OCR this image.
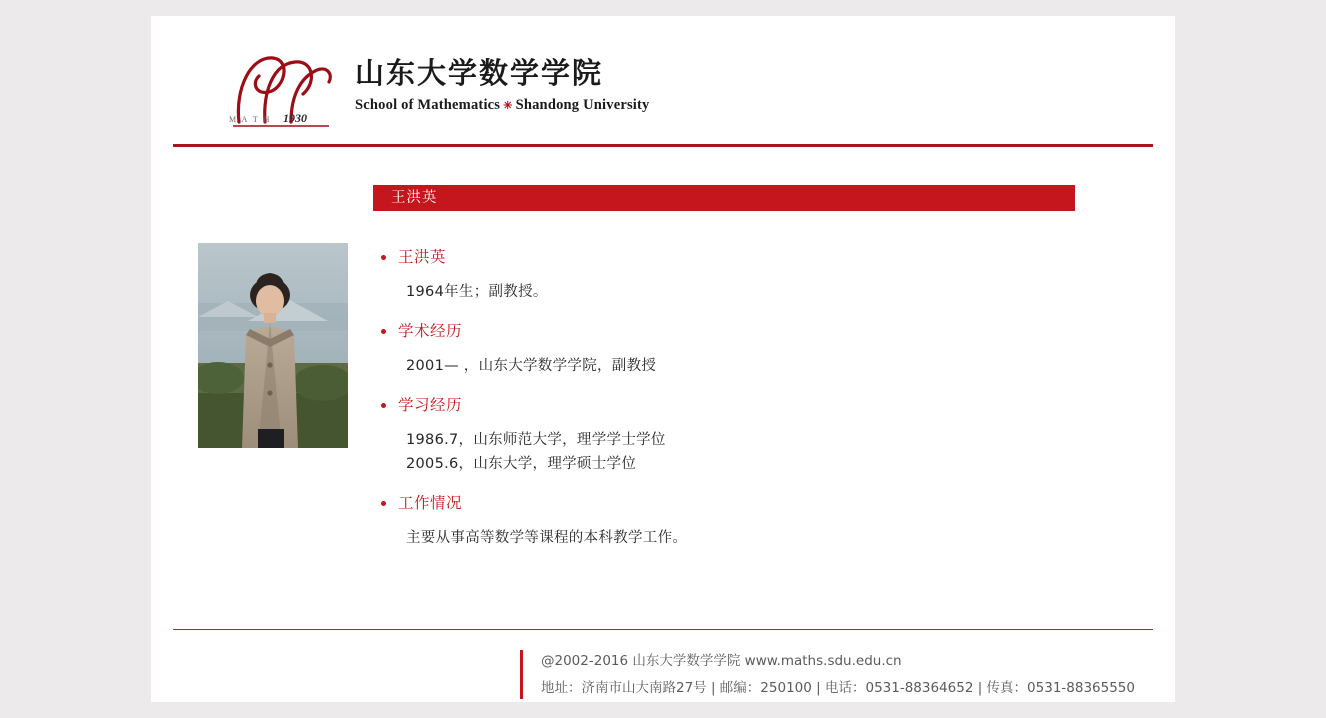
M A T H 1930
山东大学数学学院
School of Mathematics ✳ Shandong University
王洪英
王洪英
1964年生；副教授。
学术经历
2001— ，山东大学数学学院，副教授
学习经历
1986.7，山东师范大学，理学学士学位
2005.6，山东大学，理学硕士学位
工作情况
主要从事高等数学等课程的本科教学工作。
@2002-2016 山东大学数学学院 www.maths.sdu.edu.cn
地址：济南市山大南路27号 | 邮编：250100 | 电话：0531-88364652 | 传真：0531-88365550
